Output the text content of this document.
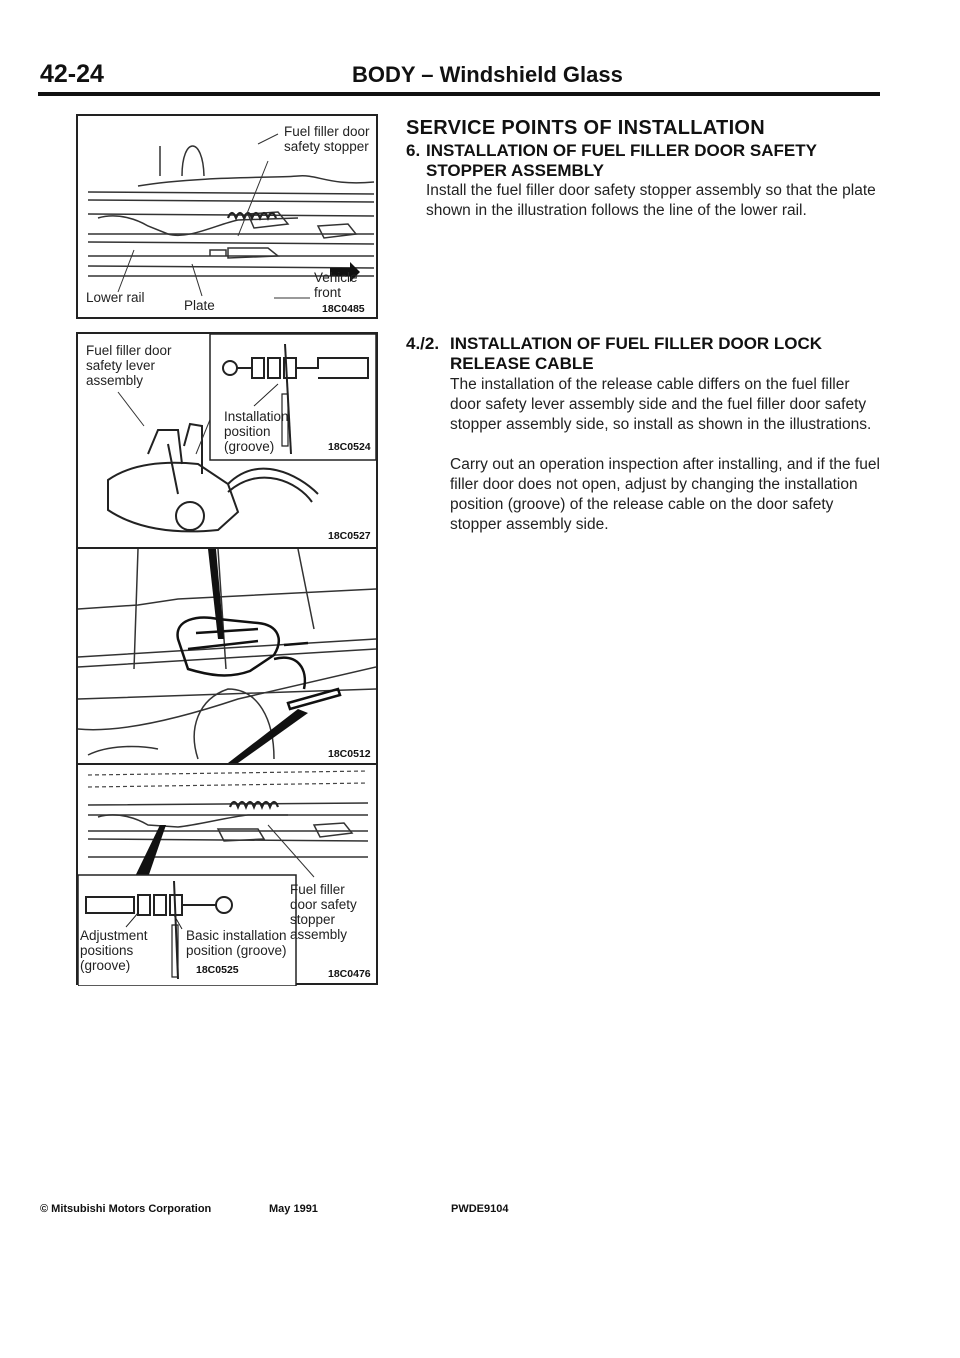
42-24	BODY – Windshield Glass
Fuel filler door
safety stopper
Vehicle
front
Lower rail
Plate	18C0485
Fuel filler door
safety lever
assembly
Installation
position
(groove)	18C0524
18C0527
18C0512
Fuel filler
door safety
stopper
assembly
Adjustment
positions
(groove)
Basic installation
position (groove)
18C0525	18C0476
SERVICE POINTS OF INSTALLATION
6. INSTALLATION OF FUEL FILLER DOOR SAFETY
STOPPER ASSEMBLY
Install the fuel filler door safety stopper assembly so that the plate shown in the illustration follows the line of the lower rail.
4./2. INSTALLATION OF FUEL FILLER DOOR LOCK
RELEASE CABLE
The installation of the release cable differs on the fuel filler door safety lever assembly side and the fuel filler door safety stopper assembly side, so install as shown in the illustrations.
Carry out an operation inspection after installing, and if the fuel filler door does not open, adjust by changing the installation position (groove) of the release cable on the door safety stopper assembly side.
© Mitsubishi Motors Corporation	May 1991	PWDE9104
